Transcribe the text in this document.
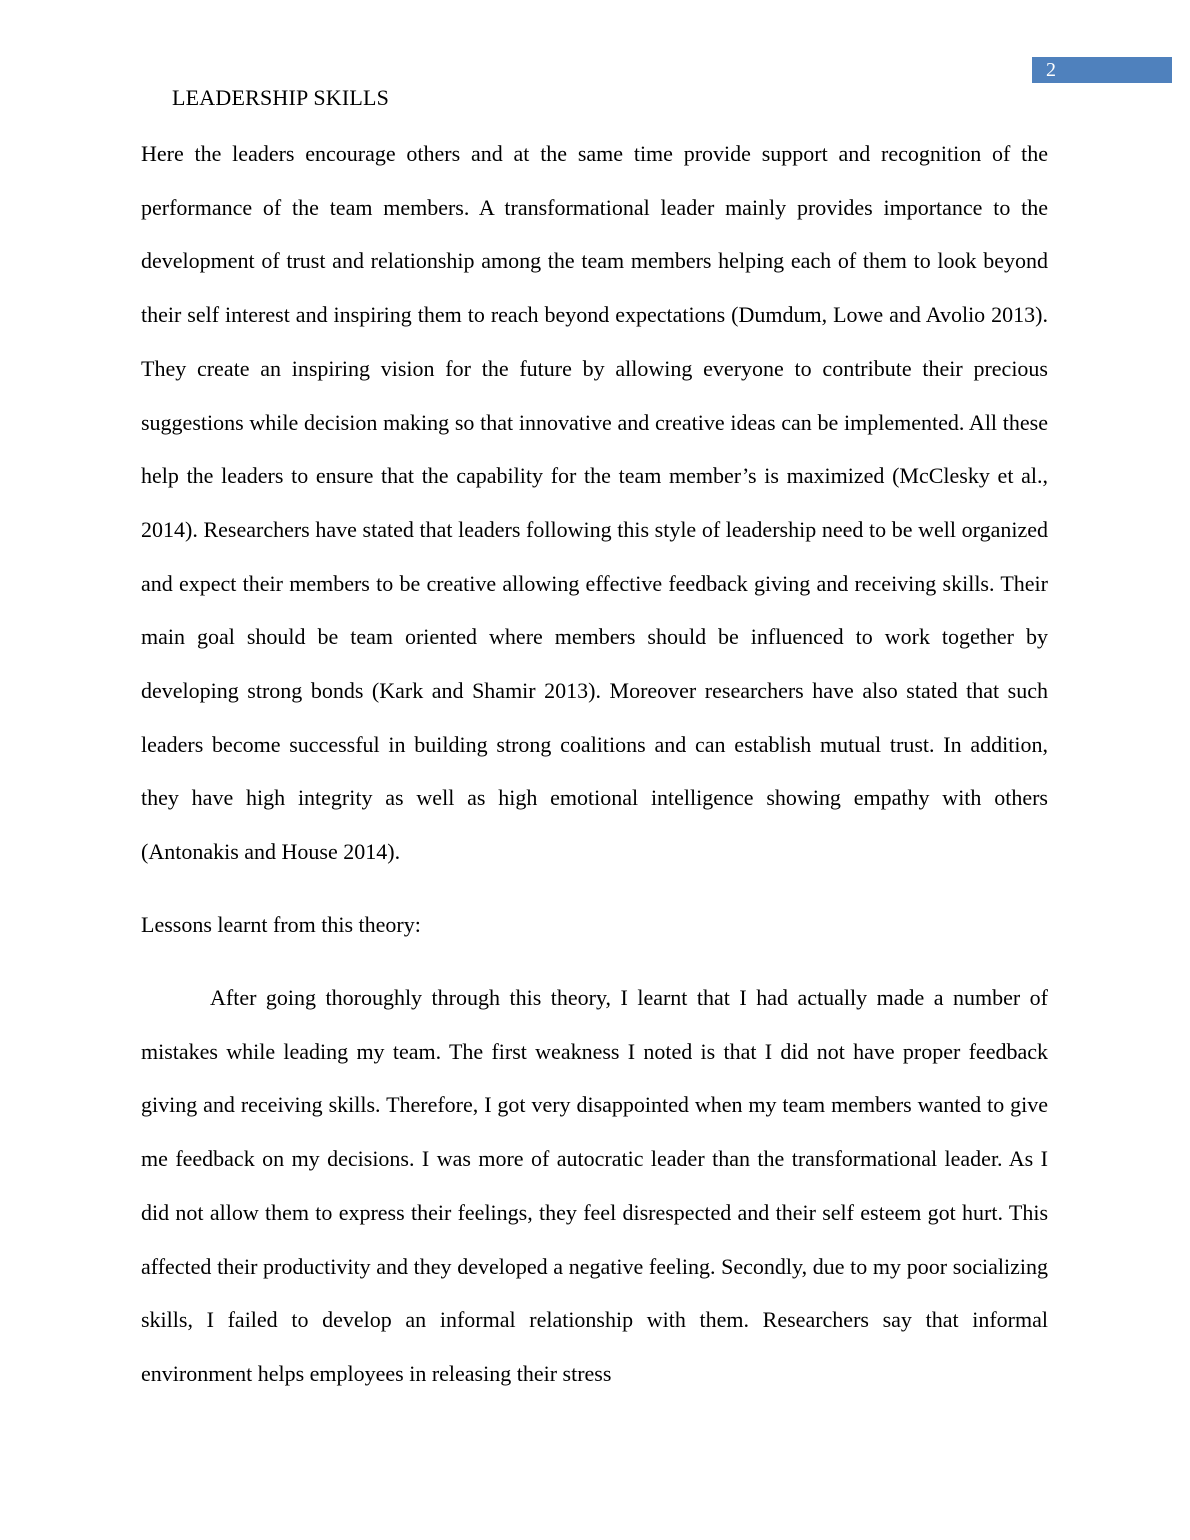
2
LEADERSHIP SKILLS

Here the leaders encourage others and at the same time provide support and recognition of the performance of the team members. A transformational leader mainly provides importance to the development of trust and relationship among the team members helping each of them to look beyond their self interest and inspiring them to reach beyond expectations (Dumdum, Lowe and Avolio 2013). They create an inspiring vision for the future by allowing everyone to contribute their precious suggestions while decision making so that innovative and creative ideas can be implemented. All these help the leaders to ensure that the capability for the team member’s is maximized (McClesky et al., 2014). Researchers have stated that leaders following this style of leadership need to be well organized and expect their members to be creative allowing effective feedback giving and receiving skills. Their main goal should be team oriented where members should be influenced to work together by developing strong bonds (Kark and Shamir 2013). Moreover researchers have also stated that such leaders become successful in building strong coalitions and can establish mutual trust. In addition, they have high integrity as well as high emotional intelligence showing empathy with others (Antonakis and House 2014).

Lessons learnt from this theory:

After going thoroughly through this theory, I learnt that I had actually made a number of mistakes while leading my team. The first weakness I noted is that I did not have proper feedback giving and receiving skills. Therefore, I got very disappointed when my team members wanted to give me feedback on my decisions. I was more of autocratic leader than the transformational leader. As I did not allow them to express their feelings, they feel disrespected and their self esteem got hurt. This affected their productivity and they developed a negative feeling. Secondly, due to my poor socializing skills, I failed to develop an informal relationship with them. Researchers say that informal environment helps employees in releasing their stress
